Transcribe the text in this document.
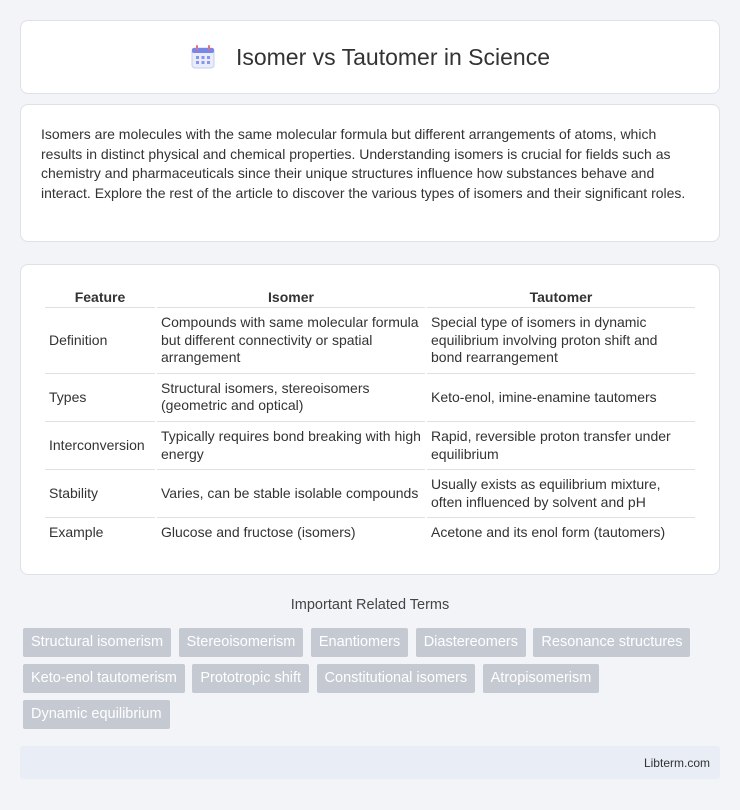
Isomer vs Tautomer in Science

Isomers are molecules with the same molecular formula but different arrangements of atoms, which results in distinct physical and chemical properties. Understanding isomers is crucial for fields such as chemistry and pharmaceuticals since their unique structures influence how substances behave and interact. Explore the rest of the article to discover the various types of isomers and their significant roles.

Feature	Isomer	Tautomer
Definition	Compounds with same molecular formula but different connectivity or spatial arrangement	Special type of isomers in dynamic equilibrium involving proton shift and bond rearrangement
Types	Structural isomers, stereoisomers (geometric and optical)	Keto-enol, imine-enamine tautomers
Interconversion	Typically requires bond breaking with high energy	Rapid, reversible proton transfer under equilibrium
Stability	Varies, can be stable isolable compounds	Usually exists as equilibrium mixture, often influenced by solvent and pH
Example	Glucose and fructose (isomers)	Acetone and its enol form (tautomers)
Important Related Terms
Structural isomerism Stereoisomerism Enantiomers Diastereomers Resonance structures Keto-enol tautomerism Prototropic shift Constitutional isomers Atropisomerism Dynamic equilibrium
Libterm.com
